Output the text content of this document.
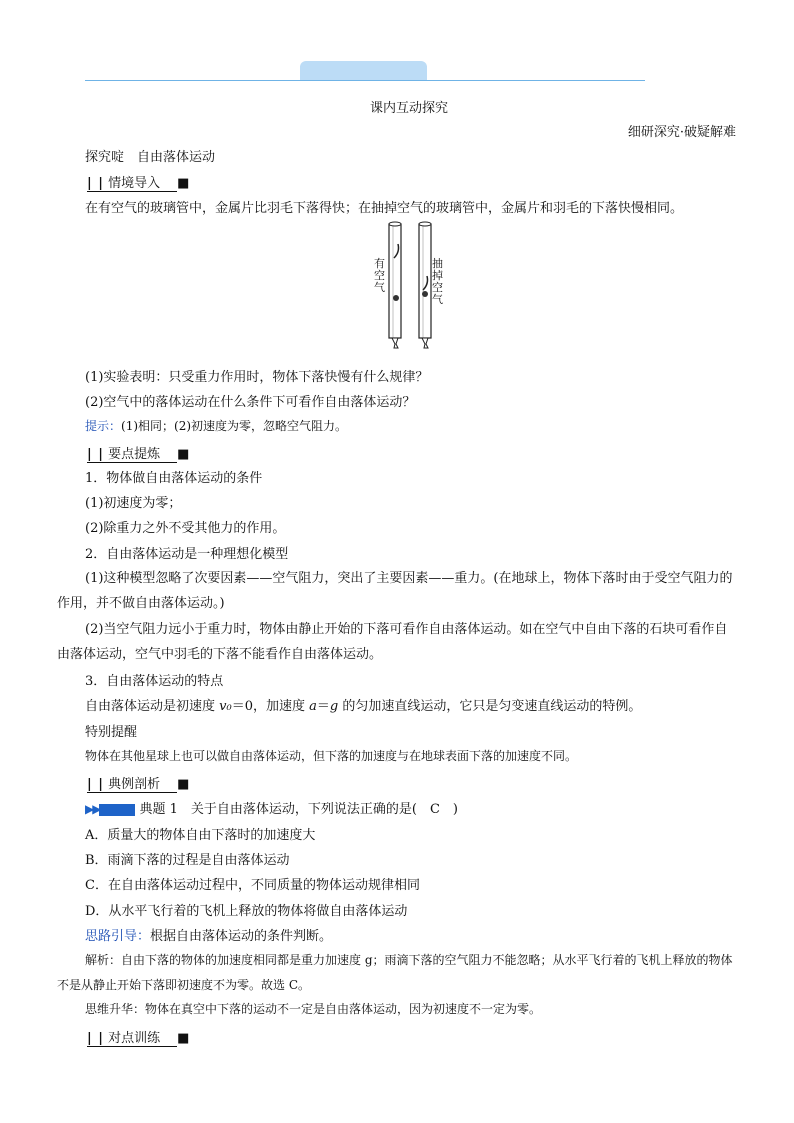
课内互动探究
细研深究·破疑解难
探究啶　自由落体运动
| | 情境导入　 ■
在有空气的玻璃管中，金属片比羽毛下落得快；在抽掉空气的玻璃管中，金属片和羽毛的下落快慢相同。
有空气
抽掉空气
(1)实验表明：只受重力作用时，物体下落快慢有什么规律？
(2)空气中的落体运动在什么条件下可看作自由落体运动？
提示：(1)相同；(2)初速度为零，忽略空气阻力。
| | 要点提炼　 ■
1．物体做自由落体运动的条件
(1)初速度为零；
(2)除重力之外不受其他力的作用。
2．自由落体运动是一种理想化模型
(1)这种模型忽略了次要因素——空气阻力，突出了主要因素——重力。(在地球上，物体下落时由于受空气阻力的作用，并不做自由落体运动。)
(2)当空气阻力远小于重力时，物体由静止开始的下落可看作自由落体运动。如在空气中自由下落的石块可看作自由落体运动，空气中羽毛的下落不能看作自由落体运动。
3．自由落体运动的特点
自由落体运动是初速度 v₀＝0，加速度 a＝g 的匀加速直线运动，它只是匀变速直线运动的特例。
特别提醒
物体在其他星球上也可以做自由落体运动，但下落的加速度与在地球表面下落的加速度不同。
| | 典例剖析　 ■
▶▶	典题 1　 关于自由落体运动，下列说法正确的是(　C　)
A．质量大的物体自由下落时的加速度大
B．雨滴下落的过程是自由落体运动
C．在自由落体运动过程中，不同质量的物体运动规律相同
D．从水平飞行着的飞机上释放的物体将做自由落体运动
思路引导：根据自由落体运动的条件判断。
解析：自由下落的物体的加速度相同都是重力加速度 g；雨滴下落的空气阻力不能忽略；从水平飞行着的飞机上释放的物体不是从静止开始下落即初速度不为零。故选 C。
思维升华：物体在真空中下落的运动不一定是自由落体运动，因为初速度不一定为零。
| | 对点训练　 ■
